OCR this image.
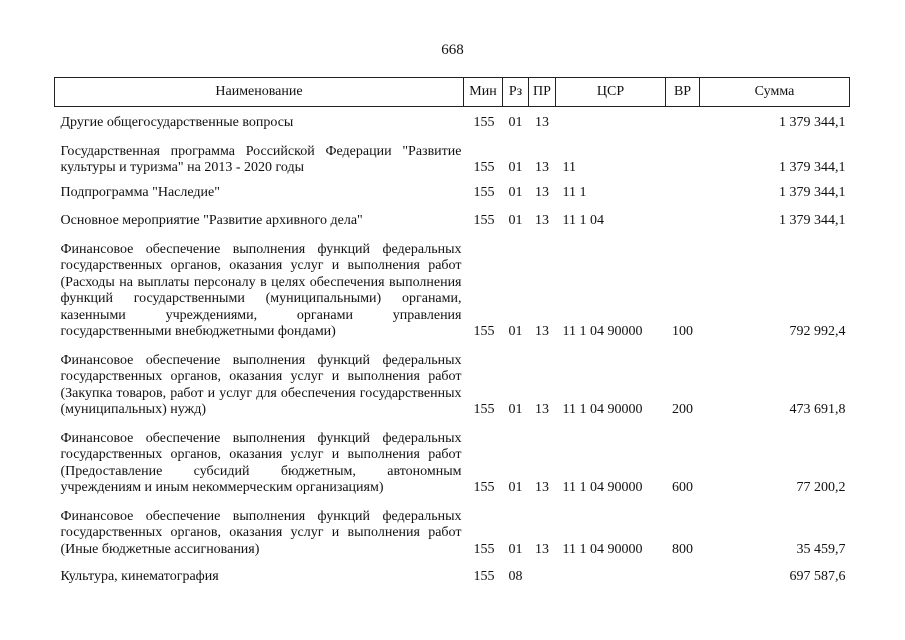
668
Наименование	Мин	Рз	ПР	ЦСР	ВР	Сумма
Другие общегосударственные вопросы	155	01	13			1 379 344,1
Государственная программа Российской Федерации "Развитие культуры и туризма" на 2013 - 2020 годы	155	01	13	11		1 379 344,1
Подпрограмма "Наследие"	155	01	13	11 1		1 379 344,1
Основное мероприятие "Развитие архивного дела"	155	01	13	11 1 04		1 379 344,1
Финансовое обеспечение выполнения функций федеральных государственных органов, оказания услуг и выполнения работ (Расходы на выплаты персоналу в целях обеспечения выполнения функций государственными (муниципальными) органами, казенными учреждениями, органами управления государственными внебюджетными фондами)	155	01	13	11 1 04 90000	100	792 992,4
Финансовое обеспечение выполнения функций федеральных государственных органов, оказания услуг и выполнения работ (Закупка товаров, работ и услуг для обеспечения государственных (муниципальных) нужд)	155	01	13	11 1 04 90000	200	473 691,8
Финансовое обеспечение выполнения функций федеральных государственных органов, оказания услуг и выполнения работ (Предоставление субсидий бюджетным, автономным учреждениям и иным некоммерческим организациям)	155	01	13	11 1 04 90000	600	77 200,2
Финансовое обеспечение выполнения функций федеральных государственных органов, оказания услуг и выполнения работ (Иные бюджетные ассигнования)	155	01	13	11 1 04 90000	800	35 459,7
Культура, кинематография	155	08				697 587,6
